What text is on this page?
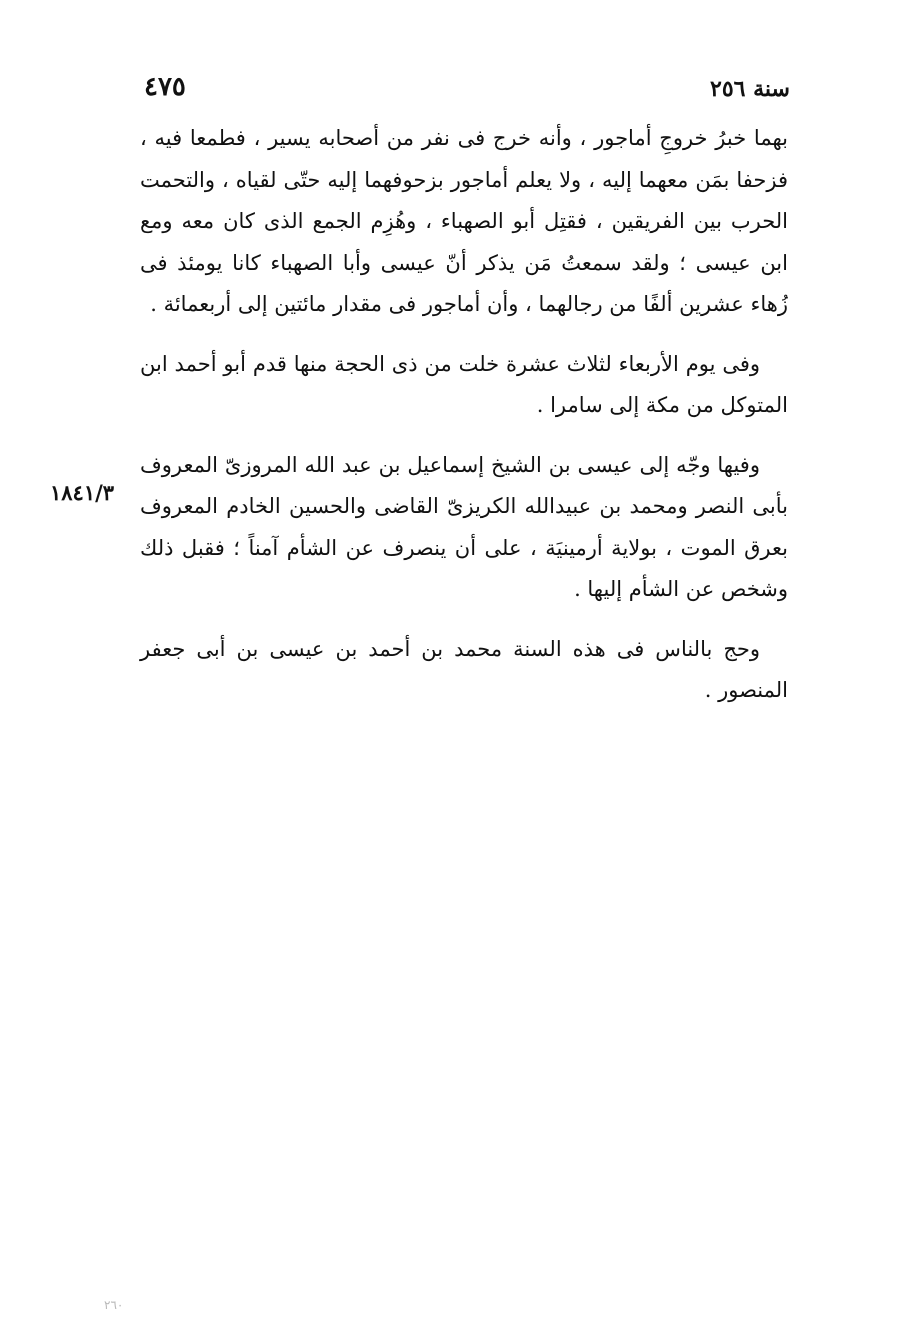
سنة ٢٥٦
٤٧٥
١٨٤١/٣

بهما خبرُ خروجِ أماجور ، وأنه خرج فى نفر من أصحابه يسير ، فطمعا فيه ، فزحفا بمَن معهما إليه ، ولا يعلم أماجور بزحوفهما إليه حتّى لقياه ، والتحمت الحرب بين الفريقين ، فقتِل أبو الصهباء ، وهُزِم الجمع الذى كان معه ومع ابن عيسى ؛ ولقد سمعتُ مَن يذكر أنّ عيسى وأبا الصهباء كانا يومئذ فى زُهاء عشرين ألفًا من رجالهما ، وأن أماجور فى مقدار مائتين إلى أربعمائة .

وفى يوم الأربعاء لثلاث عشرة خلت من ذى الحجة منها قدم أبو أحمد ابن المتوكل من مكة إلى سامرا .

وفيها وجّه إلى عيسى بن الشيخ إسماعيل بن عبد الله المروزىّ المعروف بأبى النصر ومحمد بن عبيدالله الكريزىّ القاضى والحسين الخادم المعروف بعرق الموت ، بولاية أرمينيَة ، على أن ينصرف عن الشأم آمناً ؛ فقبل ذلك وشخص عن الشأم إليها .

وحج بالناس فى هذه السنة محمد بن أحمد بن عيسى بن أبى جعفر المنصور .

٢٦٠
